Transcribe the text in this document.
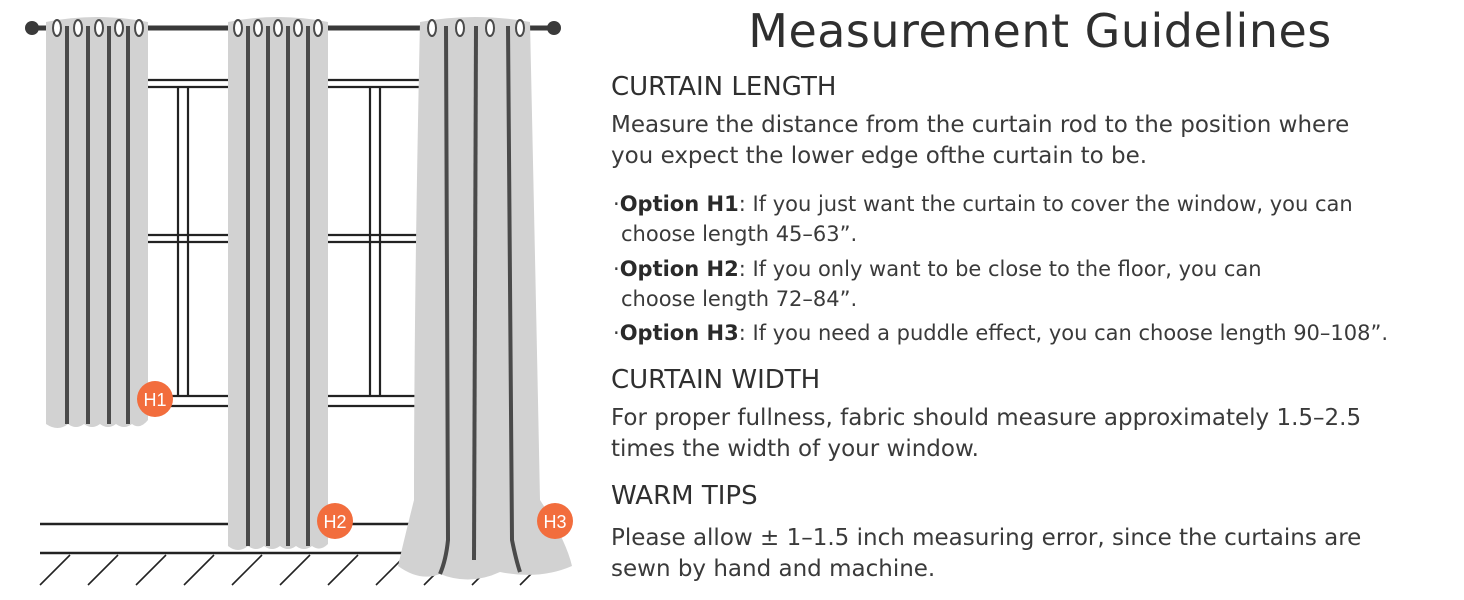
H1
H2	H3
Measurement Guidelines
CURTAIN LENGTH
Measure the distance from the curtain rod to the position where
you expect the lower edge ofthe curtain to be.
·Option H1: If you just want the curtain to cover the window, you can
choose length 45–63”.
·Option H2: If you only want to be close to the floor, you can
choose length 72–84”.
·Option H3: If you need a puddle effect, you can choose length 90–108”.
CURTAIN WIDTH
For proper fullness, fabric should measure approximately 1.5–2.5
times the width of your window.
WARM TIPS
Please allow ± 1–1.5 inch measuring error, since the curtains are
sewn by hand and machine.
